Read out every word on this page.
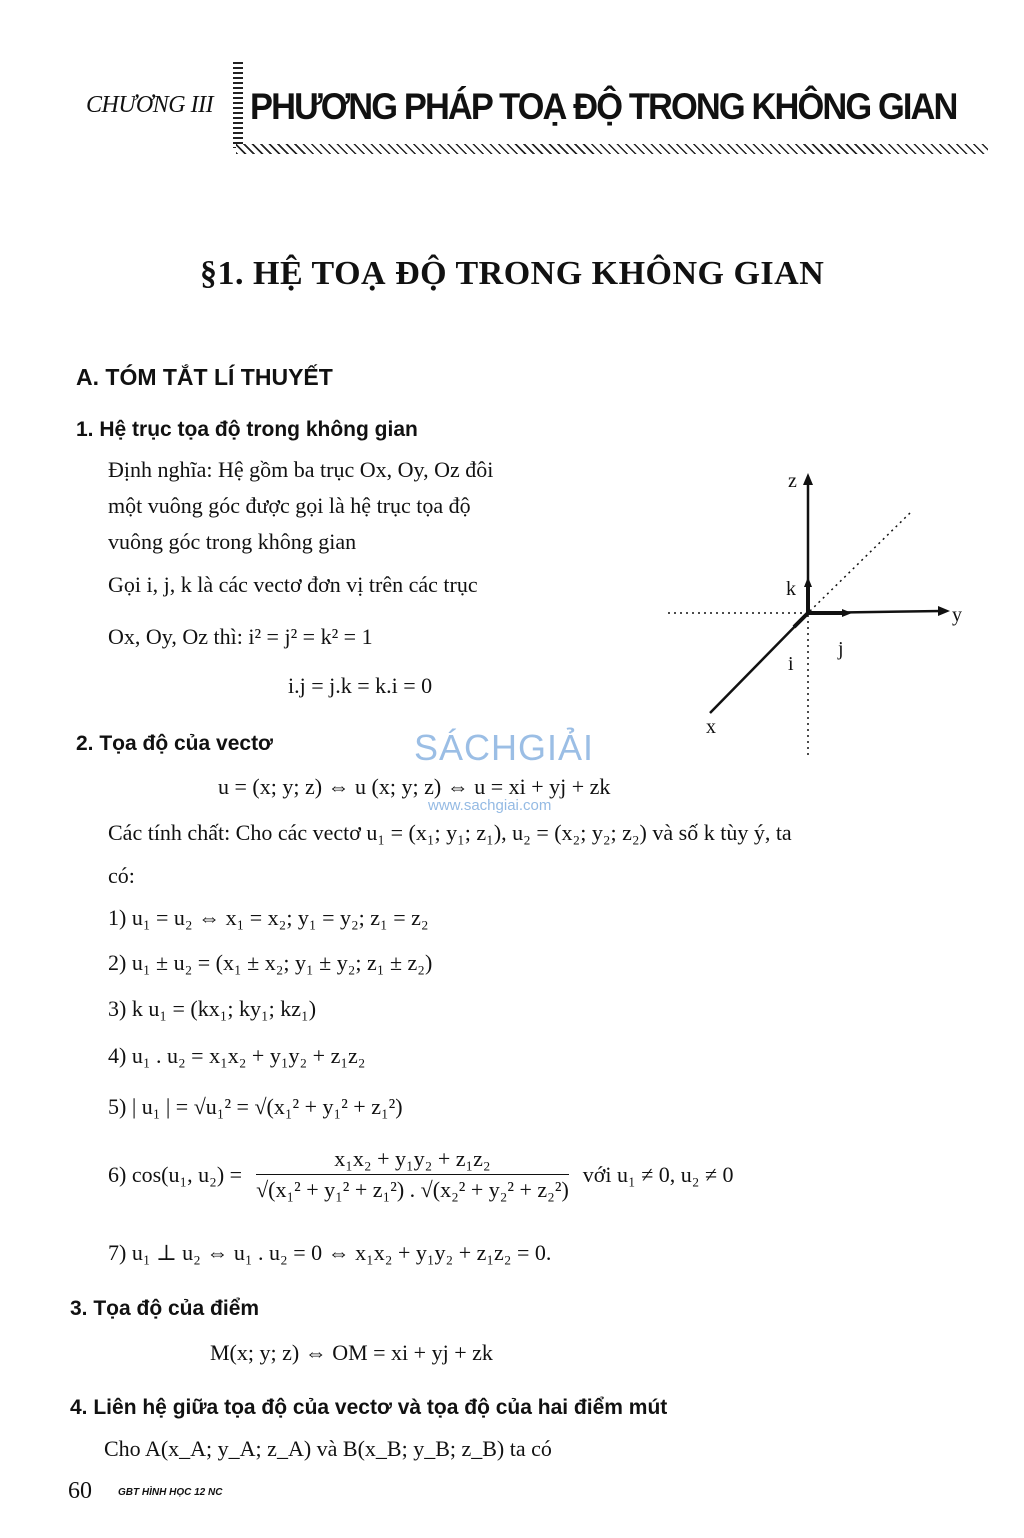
CHƯƠNG III PHƯƠNG PHÁP TOẠ ĐỘ TRONG KHÔNG GIAN
§1. HỆ TOẠ ĐỘ TRONG KHÔNG GIAN
A. TÓM TẮT LÍ THUYẾT
1. Hệ trục tọa độ trong không gian
Định nghĩa: Hệ gồm ba trục Ox, Oy, Oz đôi
một vuông góc được gọi là hệ trục tọa độ
vuông góc trong không gian
Gọi i, j, k là các vectơ đơn vị trên các trục
Ox, Oy, Oz thì: i² = j² = k² = 1
i.j = j.k = k.i = 0
z
y
x
k
i
j
SÁCHGIẢI
www.sachgiai.com
2. Tọa độ của vectơ
u = (x; y; z) ⇔ u (x; y; z) ⇔ u = xi + yj + zk
Các tính chất: Cho các vectơ u₁ = (x₁; y₁; z₁), u₂ = (x₂; y₂; z₂) và số k tùy ý, ta
có:
1) u₁ = u₂ ⇔ x₁ = x₂; y₁ = y₂; z₁ = z₂
2) u₁ ± u₂ = (x₁ ± x₂; y₁ ± y₂; z₁ ± z₂)
3) k u₁ = (kx₁; ky₁; kz₁)
4) u₁ . u₂ = x₁x₂ + y₁y₂ + z₁z₂
5) | u₁ | = √u₁² = √(x₁² + y₁² + z₁²)
6) cos(u₁, $u_2) = \frac{\text{x₁x₂ + y₁y₂ + z₁z₂}}{\text{√(x₁² + y₁² + z₁²) . √(x₂² + y₂² + z₂²)}}$ với u₁ ≠ 0, u₂ ≠ 0
7) u₁ ⊥ u₂ ⇔ u₁ . u₂ = 0 ⇔ x₁x₂ + y₁y₂ + z₁z₂ = 0.
3. Tọa độ của điểm
M(x; y; z) ⇔ OM = xi + yj + zk
4. Liên hệ giữa tọa độ của vectơ và tọa độ của hai điểm mút
Cho A(x_A; y_A; z_A) và B(x_B; y_B; z_B) ta có
60	GBT HÌNH HỌC 12 NC
